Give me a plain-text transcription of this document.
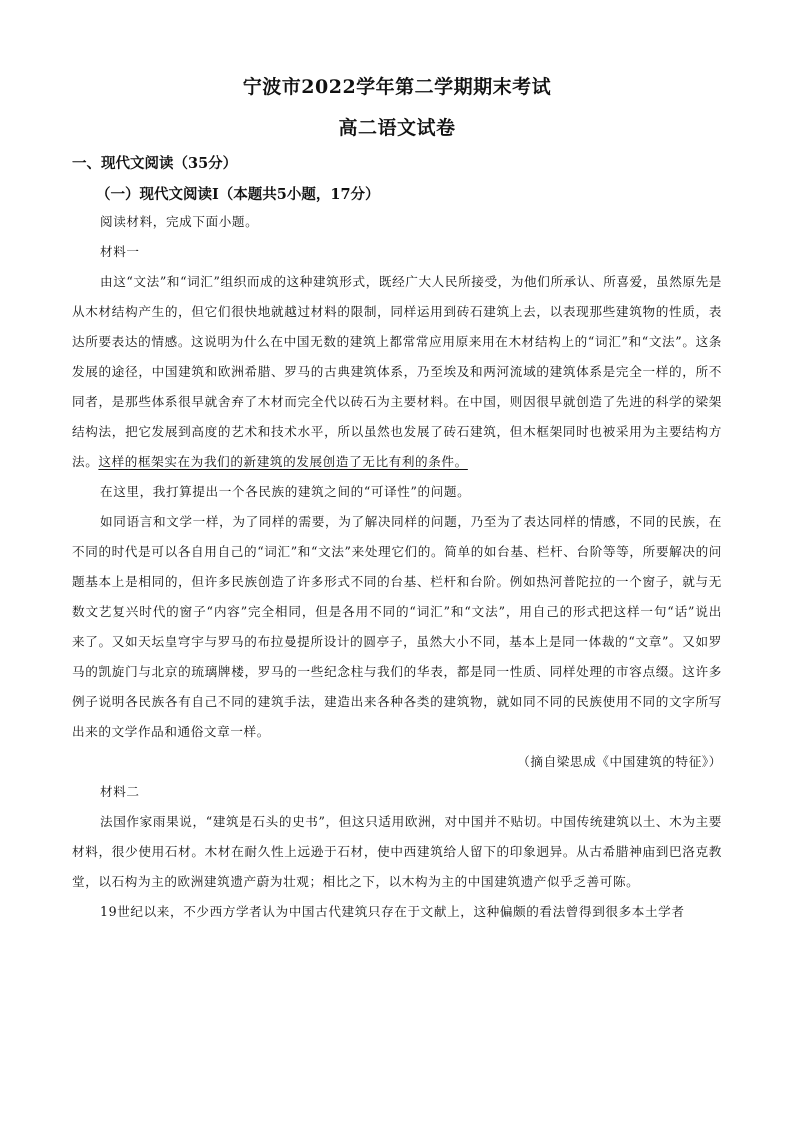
宁波市2022学年第二学期期末考试
高二语文试卷
一、现代文阅读（35分）
（一）现代文阅读Ⅰ（本题共5小题，17分）

阅读材料，完成下面小题。

材料一

由这“文法”和“词汇”组织而成的这种建筑形式，既经广大人民所接受，为他们所承认、所喜爱，虽然原先是从木材结构产生的，但它们很快地就越过材料的限制，同样运用到砖石建筑上去，以表现那些建筑物的性质，表达所要表达的情感。这说明为什么在中国无数的建筑上都常常应用原来用在木材结构上的“词汇”和“文法”。这条发展的途径，中国建筑和欧洲希腊、罗马的古典建筑体系，乃至埃及和两河流域的建筑体系是完全一样的，所不同者，是那些体系很早就舍弃了木材而完全代以砖石为主要材料。在中国，则因很早就创造了先进的科学的梁架结构法，把它发展到高度的艺术和技术水平，所以虽然也发展了砖石建筑，但木框架同时也被采用为主要结构方法。这样的框架实在为我们的新建筑的发展创造了无比有利的条件。

在这里，我打算提出一个各民族的建筑之间的“可译性”的问题。

如同语言和文学一样，为了同样的需要，为了解决同样的问题，乃至为了表达同样的情感，不同的民族，在不同的时代是可以各自用自己的“词汇”和“文法”来处理它们的。简单的如台基、栏杆、台阶等等，所要解决的问题基本上是相同的，但许多民族创造了许多形式不同的台基、栏杆和台阶。例如热河普陀拉的一个窗子，就与无数文艺复兴时代的窗子“内容”完全相同，但是各用不同的“词汇”和“文法”，用自己的形式把这样一句“话”说出来了。又如天坛皇穹宇与罗马的布拉曼提所设计的圆亭子，虽然大小不同，基本上是同一体裁的“文章”。又如罗马的凯旋门与北京的琉璃牌楼，罗马的一些纪念柱与我们的华表，都是同一性质、同样处理的市容点缀。这许多例子说明各民族各有自己不同的建筑手法，建造出来各种各类的建筑物，就如同不同的民族使用不同的文字所写出来的文学作品和通俗文章一样。

（摘自梁思成《中国建筑的特征》）

材料二

法国作家雨果说，“建筑是石头的史书”，但这只适用欧洲，对中国并不贴切。中国传统建筑以土、木为主要材料，很少使用石材。木材在耐久性上远逊于石材，使中西建筑给人留下的印象迥异。从古希腊神庙到巴洛克教堂，以石构为主的欧洲建筑遗产蔚为壮观；相比之下，以木构为主的中国建筑遗产似乎乏善可陈。

19世纪以来，不少西方学者认为中国古代建筑只存在于文献上，这种偏颇的看法曾得到很多本土学者
